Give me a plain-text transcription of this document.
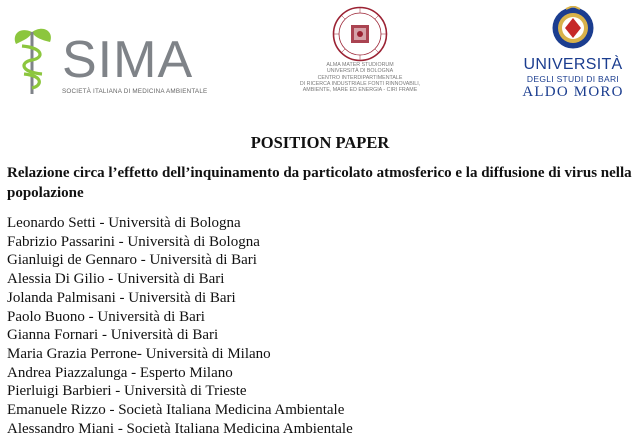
SIMA
SOCIETÀ ITALIANA DI MEDICINA AMBIENTALE
ALMA MATER STUDIORUM
UNIVERSITÀ DI BOLOGNA
CENTRO INTERDIPARTIMENTALE
DI RICERCA INDUSTRIALE FONTI RINNOVABILI,
AMBIENTE, MARE ED ENERGIA - CIRI FRAME
UNIVERSITÀ
DEGLI STUDI DI BARI
ALDO MORO
POSITION PAPER
Relazione circa l’effetto dell’inquinamento da particolato atmosferico e la diffusione di virus nella popolazione
Leonardo Setti - Università di Bologna
Fabrizio Passarini - Università di Bologna
Gianluigi de Gennaro - Università di Bari
Alessia Di Gilio - Università di Bari
Jolanda Palmisani - Università di Bari
Paolo Buono - Università di Bari
Gianna Fornari - Università di Bari
Maria Grazia Perrone- Università di Milano
Andrea Piazzalunga - Esperto Milano
Pierluigi Barbieri - Università di Trieste
Emanuele Rizzo - Società Italiana Medicina Ambientale
Alessandro Miani - Società Italiana Medicina Ambientale
